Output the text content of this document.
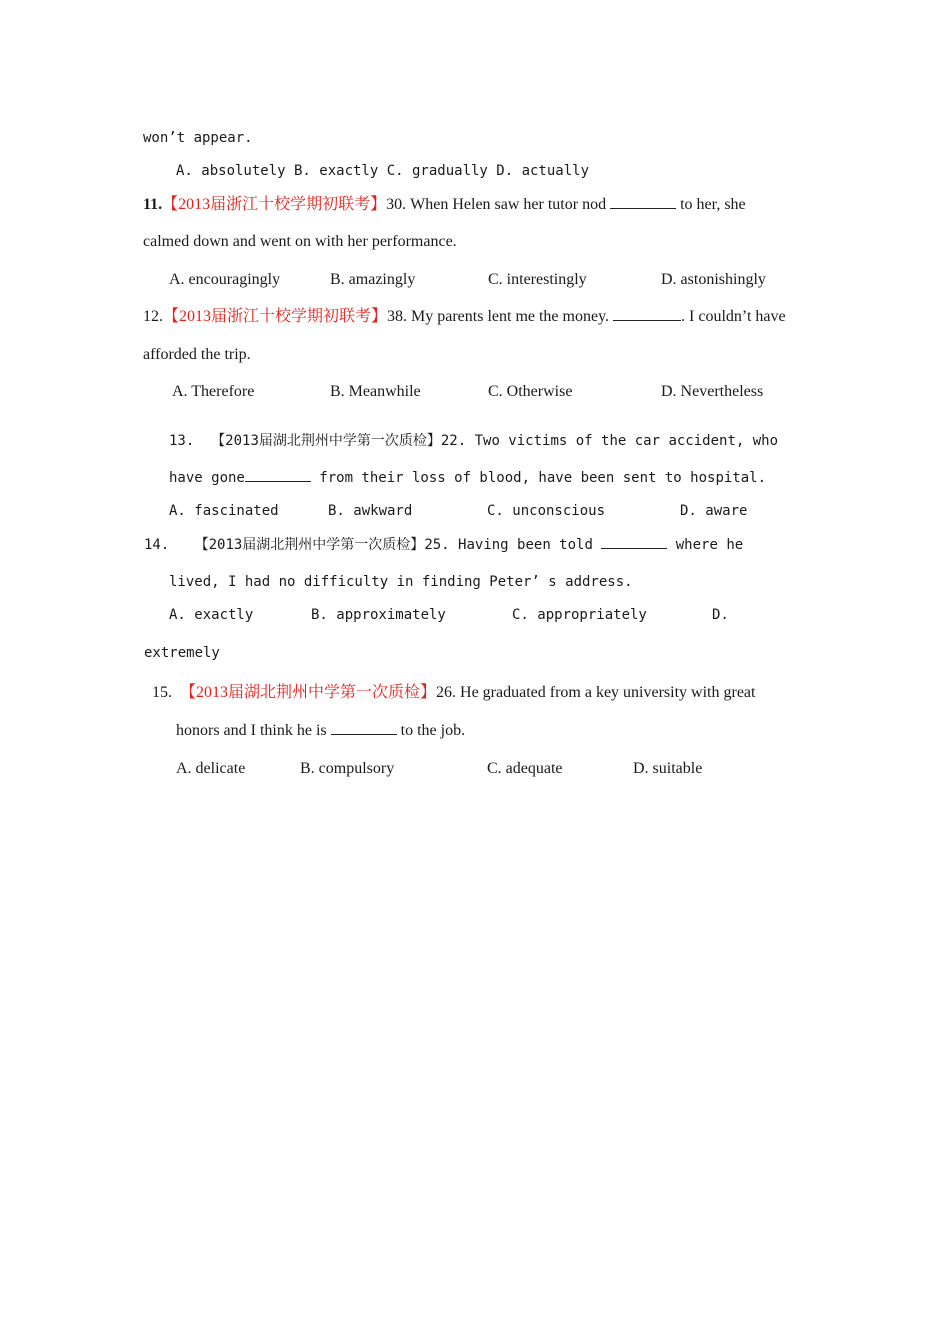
won’t appear.
A. absolutely B. exactly C. gradually D. actually
11.【2013届浙江十校学期初联考】30. When Helen saw her tutor nod	to her, she
calmed down and went on with her performance.
A. encouragingly	B. amazingly	C. interestingly	D. astonishingly
12.【2013届浙江十校学期初联考】38. My parents lent me the money.	. I couldn’t have
afforded the trip.
A. Therefore	B. Meanwhile	C. Otherwise	D. Nevertheless
13. 【2013届湖北荆州中学第一次质检】22. Two victims of the car accident, who
have gone	from their loss of blood, have been sent to hospital.
A. fascinated	B. awkward	C. unconscious	D. aware
14. 【2013届湖北荆州中学第一次质检】25. Having been told	where he
lived, I had no difficulty in finding Peter’ s address.
A. exactly	B. approximately	C. appropriately	D.
extremely
15. 【2013届湖北荆州中学第一次质检】26. He graduated from a key university with great
honors and I think he is	to the job.
A. delicate	B. compulsory	C. adequate	D. suitable
